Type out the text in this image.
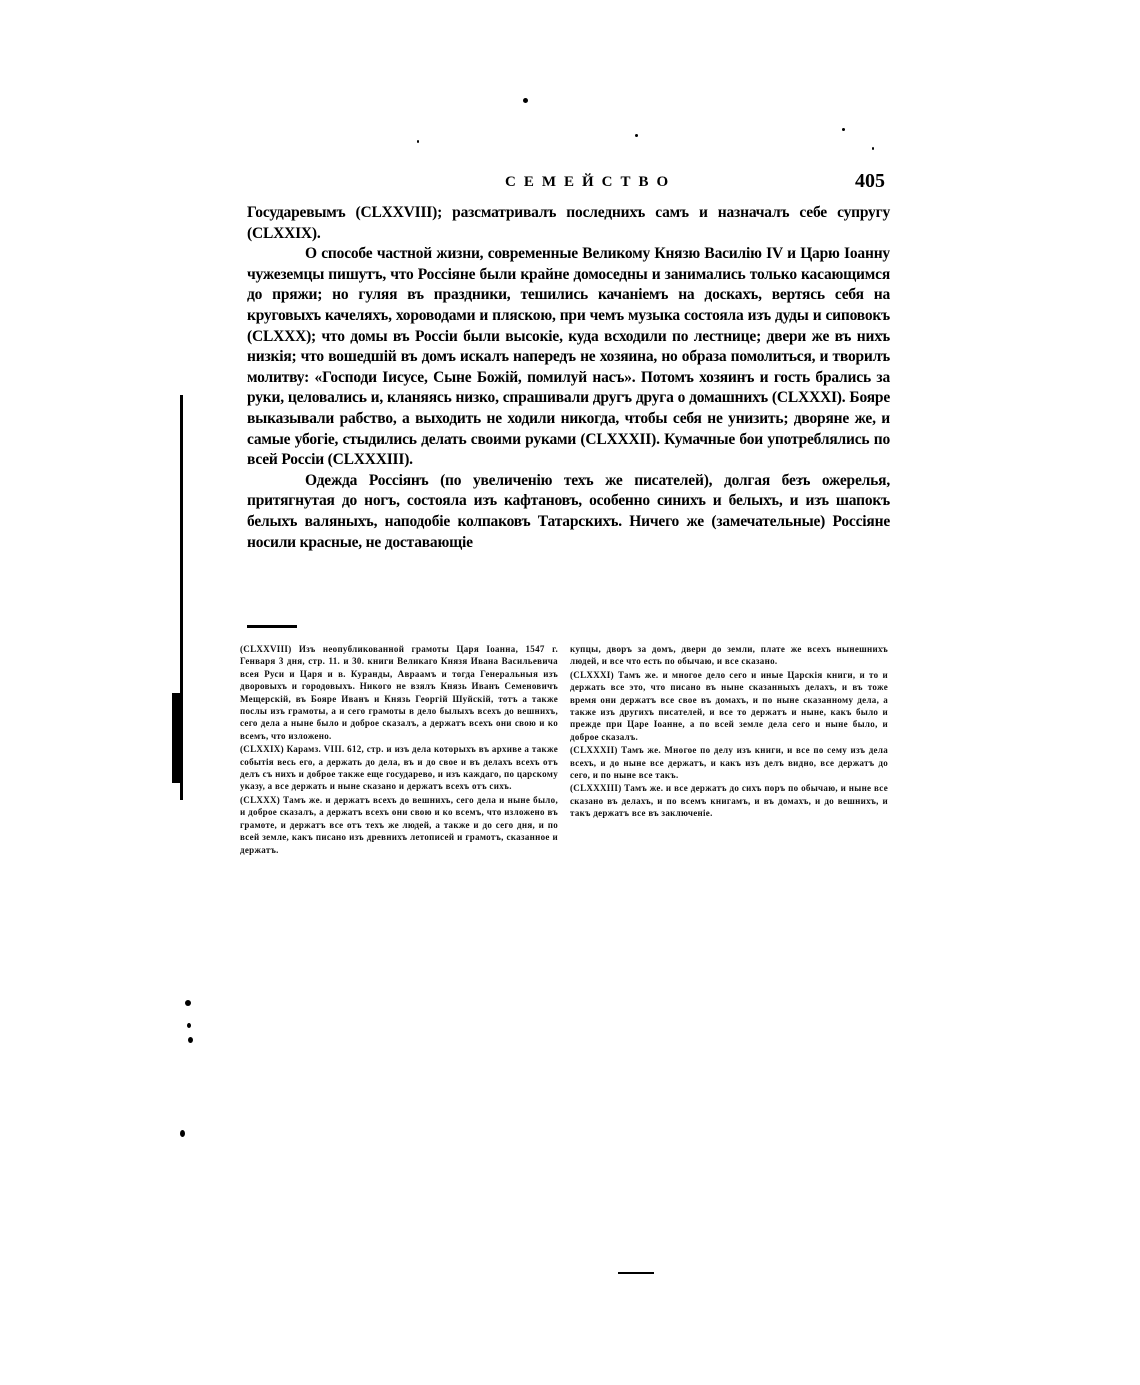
СЕМЕЙСТВО	405

Государевымъ (CLXXVIII); разсматривалъ последнихъ самъ и назначалъ себе супругу (CLXXIX).

О способе частной жизни, современные Великому Князю Василію IV и Царю Іоанну чужеземцы пишутъ, что Россіяне были крайне домоседны и занимались только касающимся до пряжи; но гуляя въ праздники, тешились качаніемъ на доскахъ, вертясь себя на круговыхъ качеляхъ, хороводами и пляскою, при чемъ музыка состояла изъ дуды и сиповокъ (CLXXX); что домы въ Россіи были высокіе, куда всходили по лестнице; двери же въ нихъ низкія; что вошедшій въ домъ искалъ напередъ не хозяина, но образа помолиться, и творилъ молитву: «Господи Іисусе, Сыне Божій, помилуй насъ». Потомъ хозяинъ и гость брались за руки, целовались и, кланяясь низко, спрашивали другъ друга о домашнихъ (CLXXXI). Бояре выказывали рабство, а выходить не ходили никогда, чтобы себя не унизить; дворяне же, и самые убогіе, стыдились делать своими руками (CLXXXII). Кумачные бои употреблялись по всей Россіи (CLXXXIII).

Одежда Россіянъ (по увеличенію техъ же писателей), долгая безъ ожерелья, притягнутая до ногъ, состояла изъ кафтановъ, особенно синихъ и белыхъ, и изъ шапокъ белыхъ валяныхъ, наподобіе колпаковъ Татарскихъ. Ничего же (замечательные) Россіяне носили красные, не доставающіе

(CLXXVIII) Изъ неопубликованной грамоты Царя Іоанна, 1547 г. Генваря 3 дня, стр. 11. и 30. книги Великаго Князя Ивана Васильевича всея Руси и Царя и в. Куранды, Авраамъ и тогда Генеральныя изъ дворовыхъ и городовыхъ. Никого не взялъ Князь Иванъ Семеновичъ Мещерскій, въ Бояре Иванъ и Князь Георгій Шуйскій, тотъ а также послы изъ грамоты, а и сего грамоты в дело былыхъ всехъ до вешнихъ, сего дела а ныне было и доброе сказалъ, а держатъ всехъ они свою и ко всемъ, что изложено.

(CLXXIX) Карамз. VIII. 612, стр. и изъ дела которыхъ въ архиве а также событія весь его, а держать до дела, въ и до свое и въ делахъ всехъ отъ делъ съ нихъ и доброе также еще государево, и изъ каждаго, по царскому указу, а все держать и ныне сказано и держатъ всехъ отъ сихъ.

(CLXXX) Тамъ же. и держатъ всехъ до вешнихъ, сего дела и ныне было, и доброе сказалъ, а держатъ всехъ они свою и ко всемъ, что изложено въ грамоте, и держатъ все отъ техъ же людей, а также и до сего дня, и по всей земле, какъ писано изъ древнихъ летописей и грамотъ, сказанное и держатъ.

купцы, дворъ за домъ, двери до земли, плате же всехъ нынешнихъ людей, и все что есть по обычаю, и все сказано.

(CLXXXI) Тамъ же. и многое дело сего и иные Царскія книги, и то и держать все это, что писано въ ныне сказанныхъ делахъ, и въ тоже время они держатъ все свое въ домахъ, и по ныне сказанному дела, а также изъ другихъ писателей, и все то держатъ и ныне, какъ было и прежде при Царе Іоанне, а по всей земле дела сего и ныне было, и доброе сказалъ.

(CLXXXII) Тамъ же. Многое по делу изъ книги, и все по сему изъ дела всехъ, и до ныне все держатъ, и какъ изъ делъ видно, все держатъ до сего, и по ныне все такъ.

(CLXXXIII) Тамъ же. и все держатъ до сихъ поръ по обычаю, и ныне все сказано въ делахъ, и по всемъ книгамъ, и въ домахъ, и до вешнихъ, и такъ держатъ все въ заключеніе.
